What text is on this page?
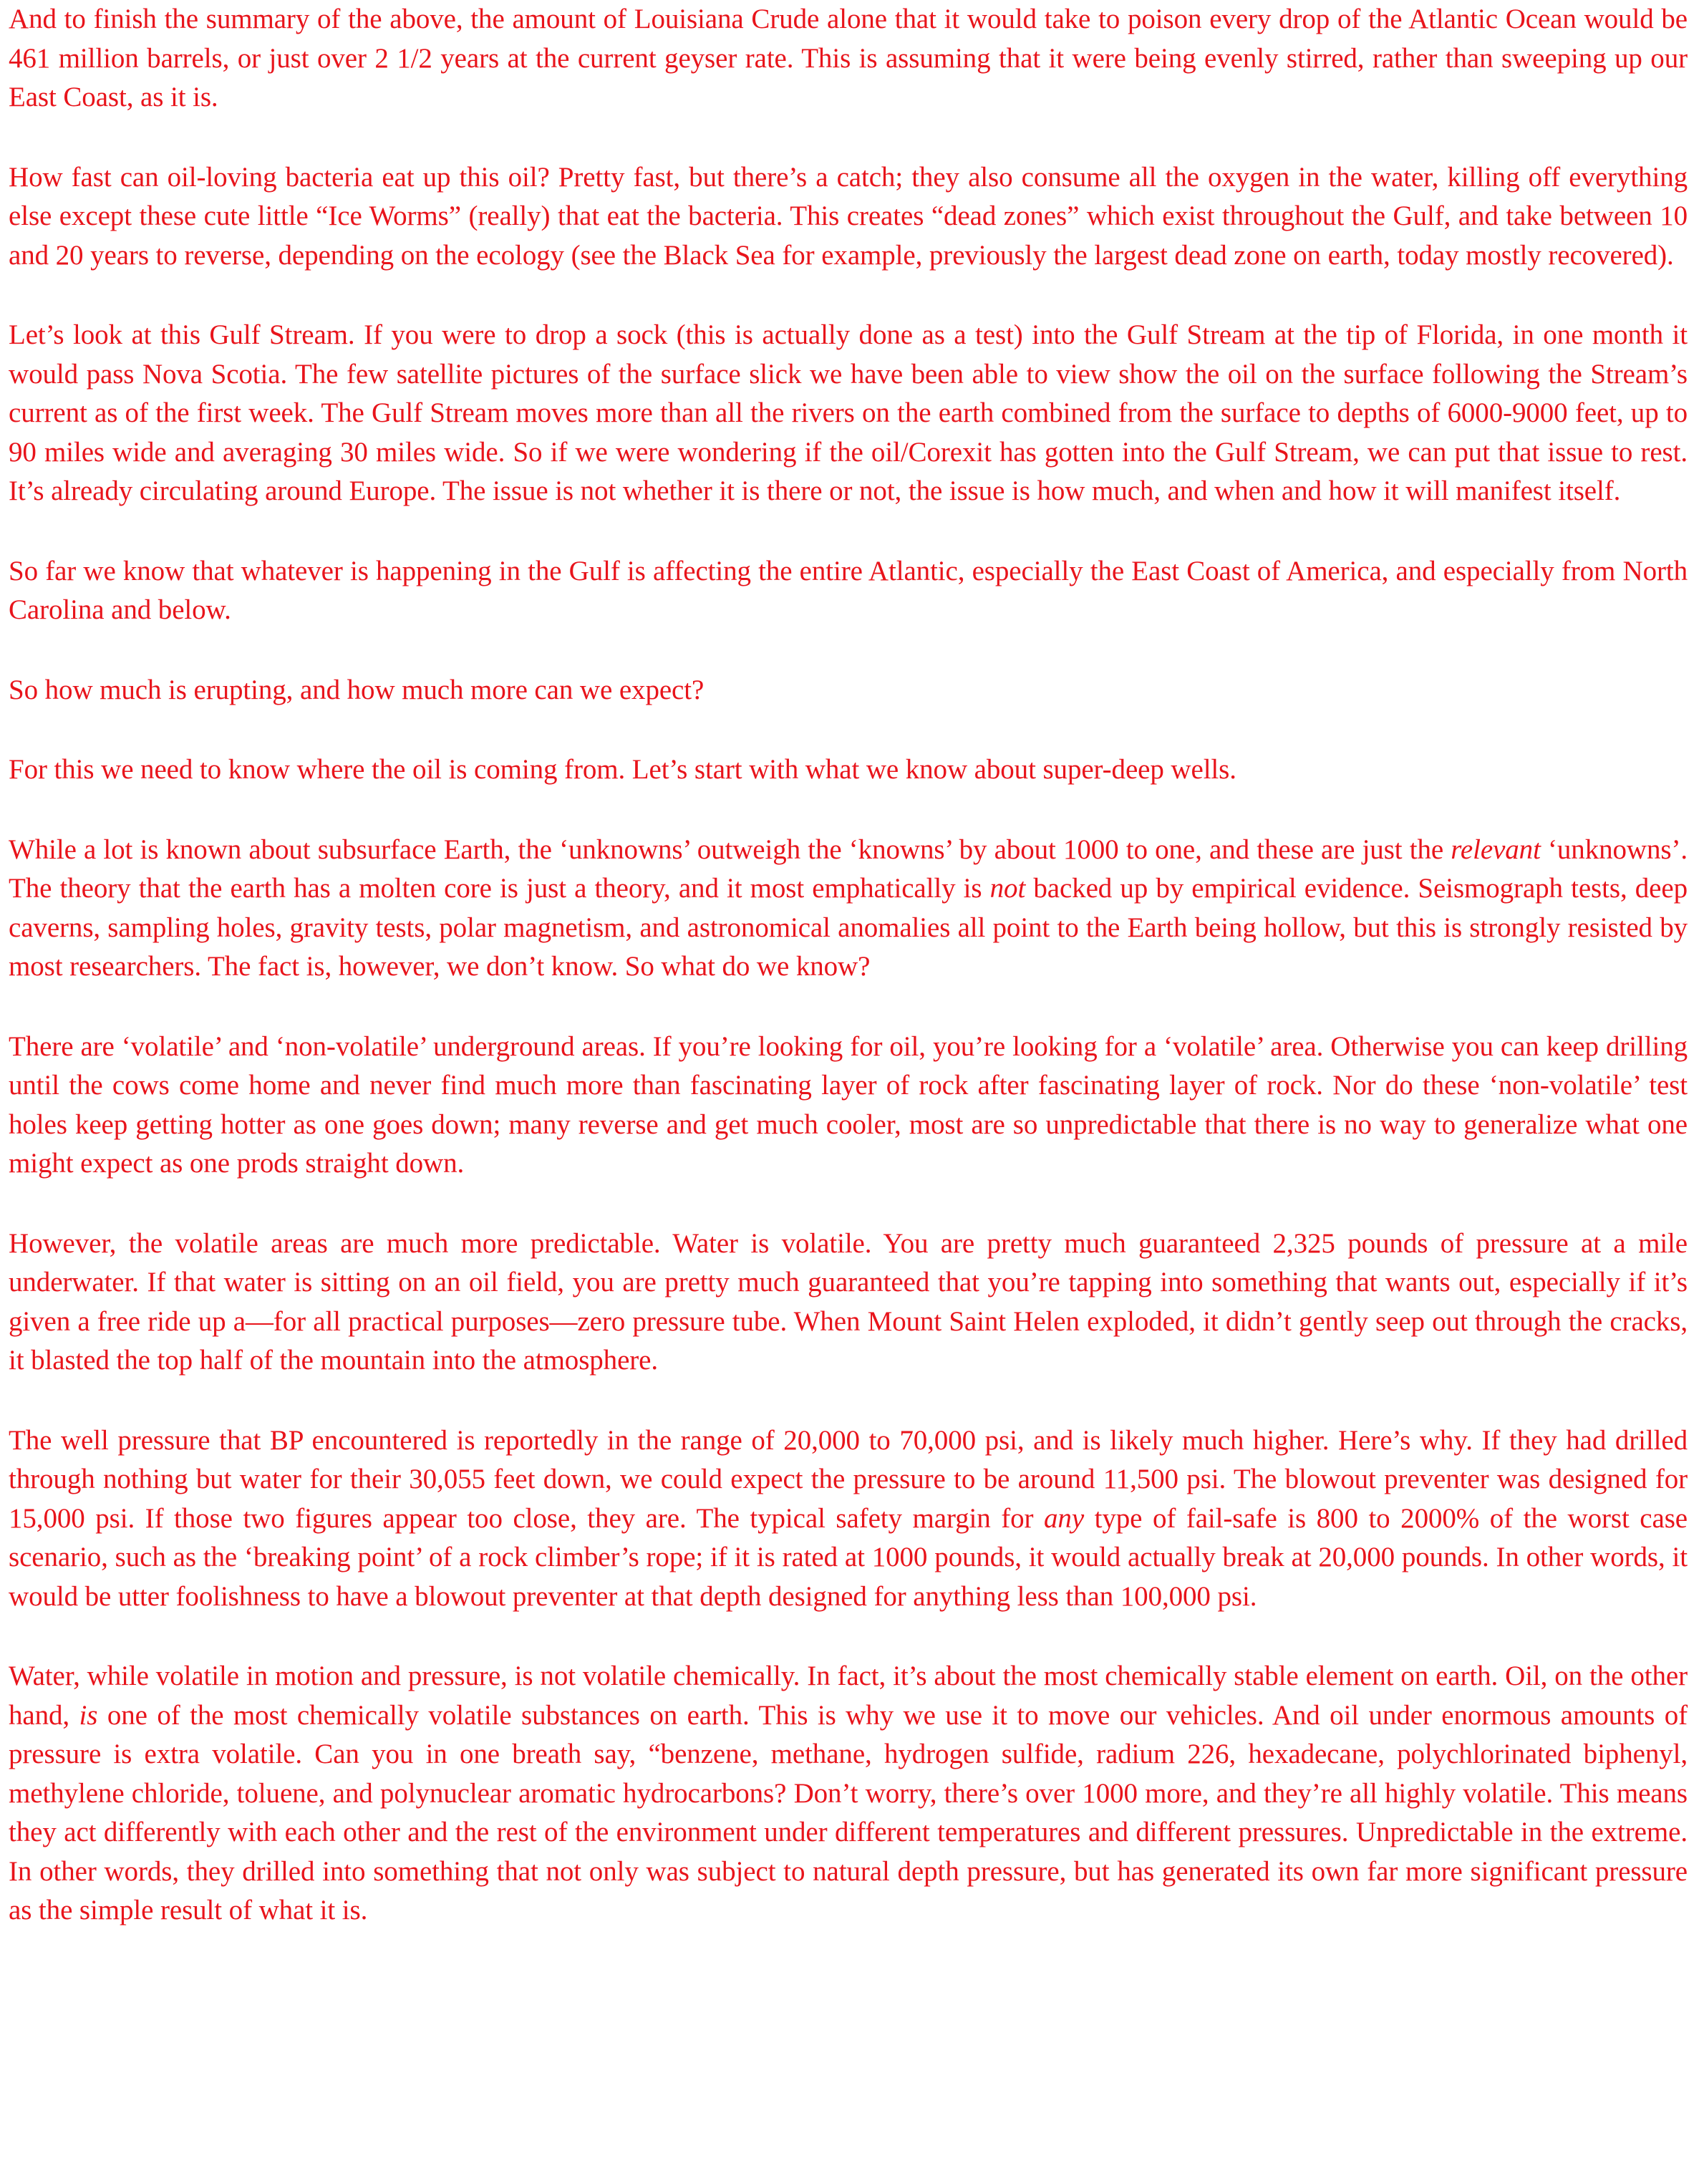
And to finish the summary of the above, the amount of Louisiana Crude alone that it would take to poison every drop of the Atlantic Ocean would be 461 million barrels, or just over 2 1/2 years at the current geyser rate. This is assuming that it were being evenly stirred, rather than sweeping up our East Coast, as it is.

How fast can oil-loving bacteria eat up this oil? Pretty fast, but there’s a catch; they also consume all the oxygen in the water, killing off everything else except these cute little “Ice Worms” (really) that eat the bacteria. This creates “dead zones” which exist throughout the Gulf, and take between 10 and 20 years to reverse, depending on the ecology (see the Black Sea for example, previously the largest dead zone on earth, today mostly recovered).

Let’s look at this Gulf Stream. If you were to drop a sock (this is actually done as a test) into the Gulf Stream at the tip of Florida, in one month it would pass Nova Scotia. The few satellite pictures of the surface slick we have been able to view show the oil on the surface following the Stream’s current as of the first week. The Gulf Stream moves more than all the rivers on the earth combined from the surface to depths of 6000-9000 feet, up to 90 miles wide and averaging 30 miles wide. So if we were wondering if the oil/Corexit has gotten into the Gulf Stream, we can put that issue to rest. It’s already circulating around Europe. The issue is not whether it is there or not, the issue is how much, and when and how it will manifest itself.

So far we know that whatever is happening in the Gulf is affecting the entire Atlantic, especially the East Coast of America, and especially from North Carolina and below.

So how much is erupting, and how much more can we expect?

For this we need to know where the oil is coming from. Let’s start with what we know about super-deep wells.

While a lot is known about subsurface Earth, the ‘unknowns’ outweigh the ‘knowns’ by about 1000 to one, and these are just the relevant ‘unknowns’. The theory that the earth has a molten core is just a theory, and it most emphatically is not backed up by empirical evidence. Seismograph tests, deep caverns, sampling holes, gravity tests, polar magnetism, and astronomical anomalies all point to the Earth being hollow, but this is strongly resisted by most researchers. The fact is, however, we don’t know. So what do we know?

There are ‘volatile’ and ‘non-volatile’ underground areas. If you’re looking for oil, you’re looking for a ‘volatile’ area. Otherwise you can keep drilling until the cows come home and never find much more than fascinating layer of rock after fascinating layer of rock. Nor do these ‘non-volatile’ test holes keep getting hotter as one goes down; many reverse and get much cooler, most are so unpredictable that there is no way to generalize what one might expect as one prods straight down.

However, the volatile areas are much more predictable. Water is volatile. You are pretty much guaranteed 2,325 pounds of pressure at a mile underwater. If that water is sitting on an oil field, you are pretty much guaranteed that you’re tapping into something that wants out, especially if it’s given a free ride up a—for all practical purposes—zero pressure tube. When Mount Saint Helen exploded, it didn’t gently seep out through the cracks, it blasted the top half of the mountain into the atmosphere.

The well pressure that BP encountered is reportedly in the range of 20,000 to 70,000 psi, and is likely much higher. Here’s why. If they had drilled through nothing but water for their 30,055 feet down, we could expect the pressure to be around 11,500 psi. The blowout preventer was designed for 15,000 psi. If those two figures appear too close, they are. The typical safety margin for any type of fail-safe is 800 to 2000% of the worst case scenario, such as the ‘breaking point’ of a rock climber’s rope; if it is rated at 1000 pounds, it would actually break at 20,000 pounds. In other words, it would be utter foolishness to have a blowout preventer at that depth designed for anything less than 100,000 psi.

Water, while volatile in motion and pressure, is not volatile chemically. In fact, it’s about the most chemically stable element on earth. Oil, on the other hand, is one of the most chemically volatile substances on earth. This is why we use it to move our vehicles. And oil under enormous amounts of pressure is extra volatile. Can you in one breath say, “benzene, methane, hydrogen sulfide, radium 226, hexadecane, polychlorinated biphenyl, methylene chloride, toluene, and polynuclear aromatic hydrocarbons? Don’t worry, there’s over 1000 more, and they’re all highly volatile. This means they act differently with each other and the rest of the environment under different temperatures and different pressures. Unpredictable in the extreme. In other words, they drilled into something that not only was subject to natural depth pressure, but has generated its own far more significant pressure as the simple result of what it is.
